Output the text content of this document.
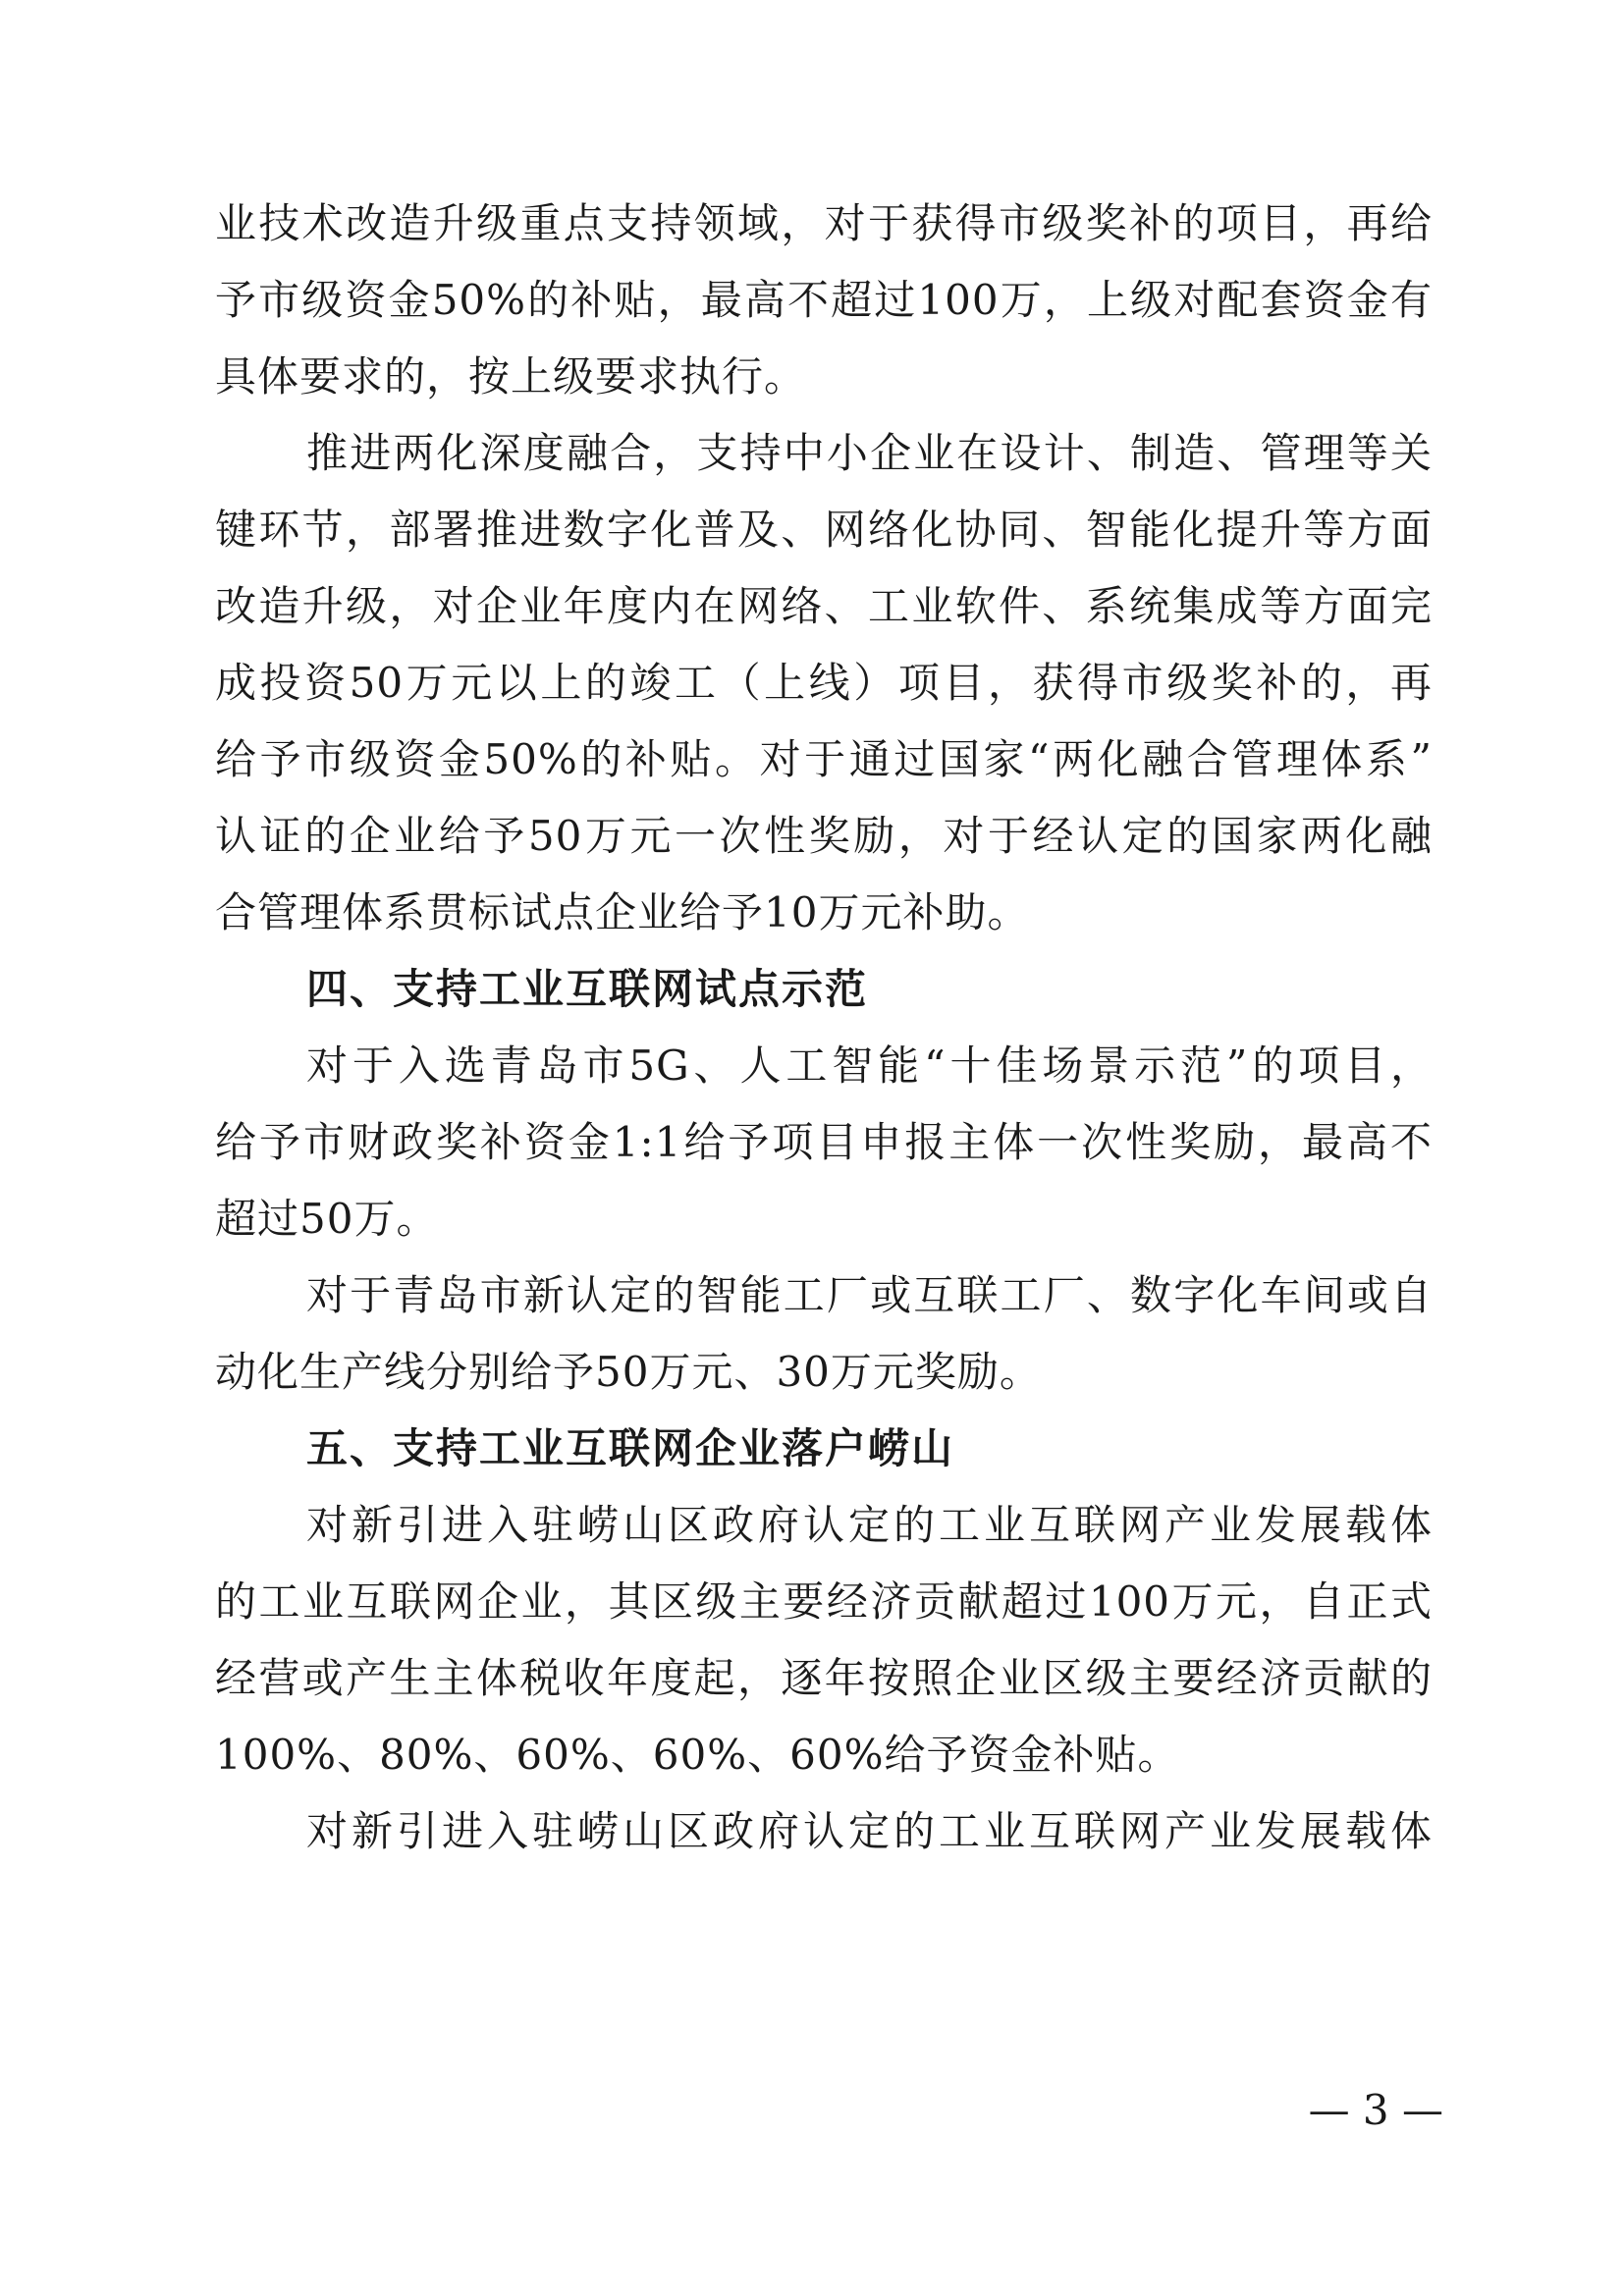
业技术改造升级重点支持领域，对于获得市级奖补的项目，再给
予市级资金50%的补贴，最高不超过100万，上级对配套资金有
具体要求的，按上级要求执行。
推进两化深度融合，支持中小企业在设计、制造、管理等关
键环节，部署推进数字化普及、网络化协同、智能化提升等方面
改造升级，对企业年度内在网络、工业软件、系统集成等方面完
成投资50万元以上的竣工（上线）项目，获得市级奖补的，再
给予市级资金50%的补贴。对于通过国家“两化融合管理体系”
认证的企业给予50万元一次性奖励，对于经认定的国家两化融
合管理体系贯标试点企业给予10万元补助。
四、支持工业互联网试点示范
对于入选青岛市5G、人工智能“十佳场景示范”的项目，
给予市财政奖补资金1:1给予项目申报主体一次性奖励，最高不
超过50万。
对于青岛市新认定的智能工厂或互联工厂、数字化车间或自
动化生产线分别给予50万元、30万元奖励。
五、支持工业互联网企业落户崂山
对新引进入驻崂山区政府认定的工业互联网产业发展载体
的工业互联网企业，其区级主要经济贡献超过100万元，自正式
经营或产生主体税收年度起，逐年按照企业区级主要经济贡献的
100%、80%、60%、60%、60%给予资金补贴。
对新引进入驻崂山区政府认定的工业互联网产业发展载体
— 3 —
